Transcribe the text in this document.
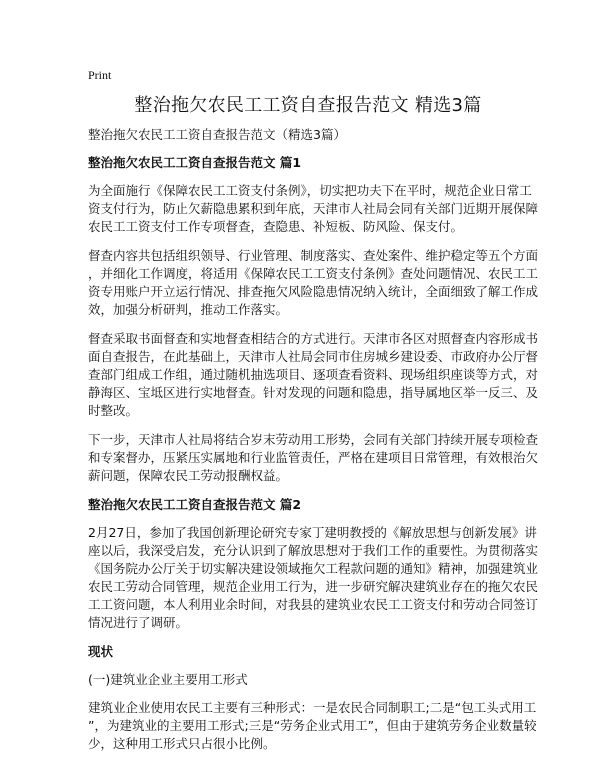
Print
整治拖欠农民工工资自查报告范文 精选3篇
整治拖欠农民工工资自查报告范文（精选3篇）
整治拖欠农民工工资自查报告范文 篇1
为全面施行《保障农民工工资支付条例》，切实把功夫下在平时，规范企业日常工
资支付行为，防止欠薪隐患累积到年底，天津市人社局会同有关部门近期开展保障
农民工工资支付工作专项督查，查隐患、补短板、防风险、保支付。
督查内容共包括组织领导、行业管理、制度落实、查处案件、维护稳定等五个方面
，并细化工作调度，将适用《保障农民工工资支付条例》查处问题情况、农民工工
资专用账户开立运行情况、排查拖欠风险隐患情况纳入统计，全面细致了解工作成
效，加强分析研判，推动工作落实。
督查采取书面督查和实地督查相结合的方式进行。天津市各区对照督查内容形成书
面自查报告，在此基础上，天津市人社局会同市住房城乡建设委、市政府办公厅督
查部门组成工作组，通过随机抽选项目、逐项查看资料、现场组织座谈等方式，对
静海区、宝坻区进行实地督查。针对发现的问题和隐患，指导属地区举一反三、及
时整改。
下一步，天津市人社局将结合岁末劳动用工形势，会同有关部门持续开展专项检查
和专案督办，压紧压实属地和行业监管责任，严格在建项目日常管理，有效根治欠
薪问题，保障农民工劳动报酬权益。
整治拖欠农民工工资自查报告范文 篇2
2月27日，参加了我国创新理论研究专家丁建明教授的《解放思想与创新发展》讲
座以后，我深受启发，充分认识到了解放思想对于我们工作的重要性。为贯彻落实
《国务院办公厅关于切实解决建设领域拖欠工程款问题的通知》精神，加强建筑业
农民工劳动合同管理，规范企业用工行为，进一步研究解决建筑业存在的拖欠农民
工工资问题，本人利用业余时间，对我县的建筑业农民工工资支付和劳动合同签订
情况进行了调研。
现状
(一)建筑业企业主要用工形式
建筑业企业使用农民工主要有三种形式：一是农民合同制职工;二是“包工头式用工
”，为建筑业的主要用工形式;三是“劳务企业式用工”，但由于建筑劳务企业数量较
少，这种用工形式只占很小比例。
